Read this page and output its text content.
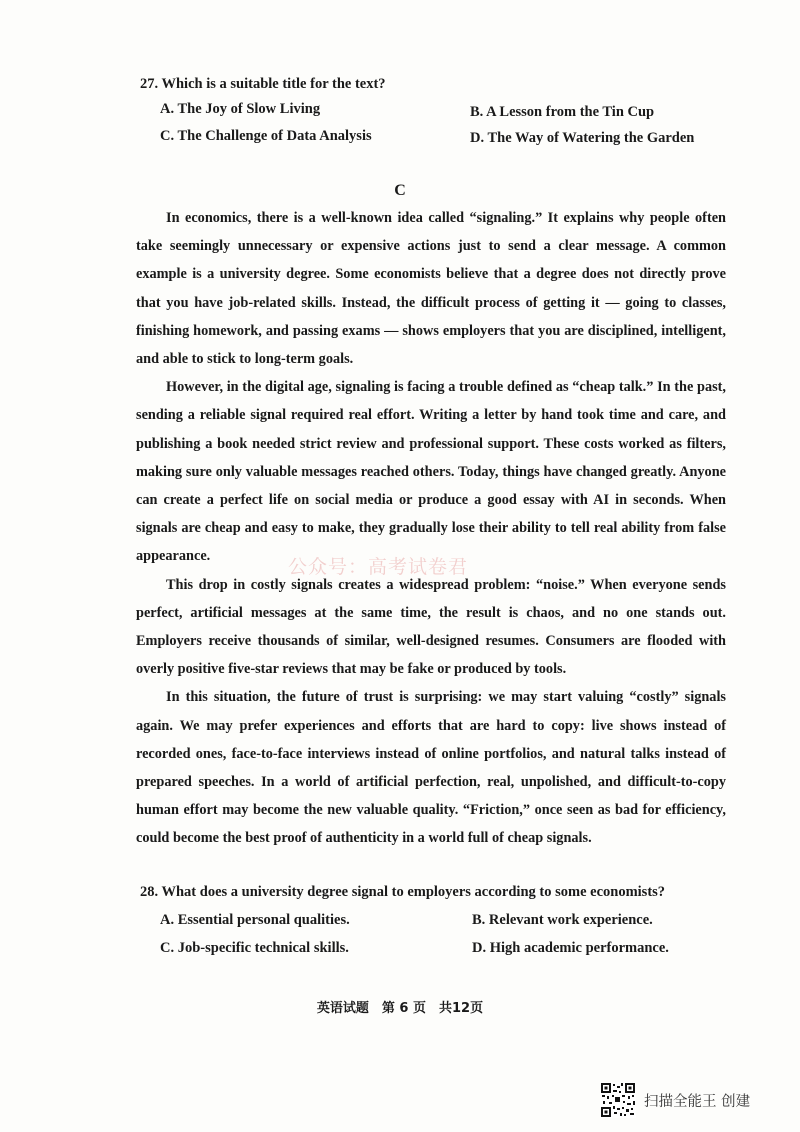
27. Which is a suitable title for the text?
A. The Joy of Slow Living	B. A Lesson from the Tin Cup
C. The Challenge of Data Analysis	D. The Way of Watering the Garden
C

In economics, there is a well-known idea called “signaling.” It explains why people often take seemingly unnecessary or expensive actions just to send a clear message. A common example is a university degree. Some economists believe that a degree does not directly prove that you have job-related skills. Instead, the difficult process of getting it — going to classes, finishing homework, and passing exams — shows employers that you are disciplined, intelligent, and able to stick to long-term goals.

However, in the digital age, signaling is facing a trouble defined as “cheap talk.” In the past, sending a reliable signal required real effort. Writing a letter by hand took time and care, and publishing a book needed strict review and professional support. These costs worked as filters, making sure only valuable messages reached others. Today, things have changed greatly. Anyone can create a perfect life on social media or produce a good essay with AI in seconds. When signals are cheap and easy to make, they gradually lose their ability to tell real ability from false appearance.

This drop in costly signals creates a widespread problem: “noise.” When everyone sends perfect, artificial messages at the same time, the result is chaos, and no one stands out. Employers receive thousands of similar, well-designed resumes. Consumers are flooded with overly positive five-star reviews that may be fake or produced by tools.

In this situation, the future of trust is surprising: we may start valuing “costly” signals again. We may prefer experiences and efforts that are hard to copy: live shows instead of recorded ones, face-to-face interviews instead of online portfolios, and natural talks instead of prepared speeches. In a world of artificial perfection, real, unpolished, and difficult-to-copy human effort may become the new valuable quality. “Friction,” once seen as bad for efficiency, could become the best proof of authenticity in a world full of cheap signals.

公众号：高考试卷君
28. What does a university degree signal to employers according to some economists?
A. Essential personal qualities.	B. Relevant work experience.
C. Job-specific technical skills.	D. High academic performance.
英语试题　第 6 页　共12页
扫描全能王 创建
